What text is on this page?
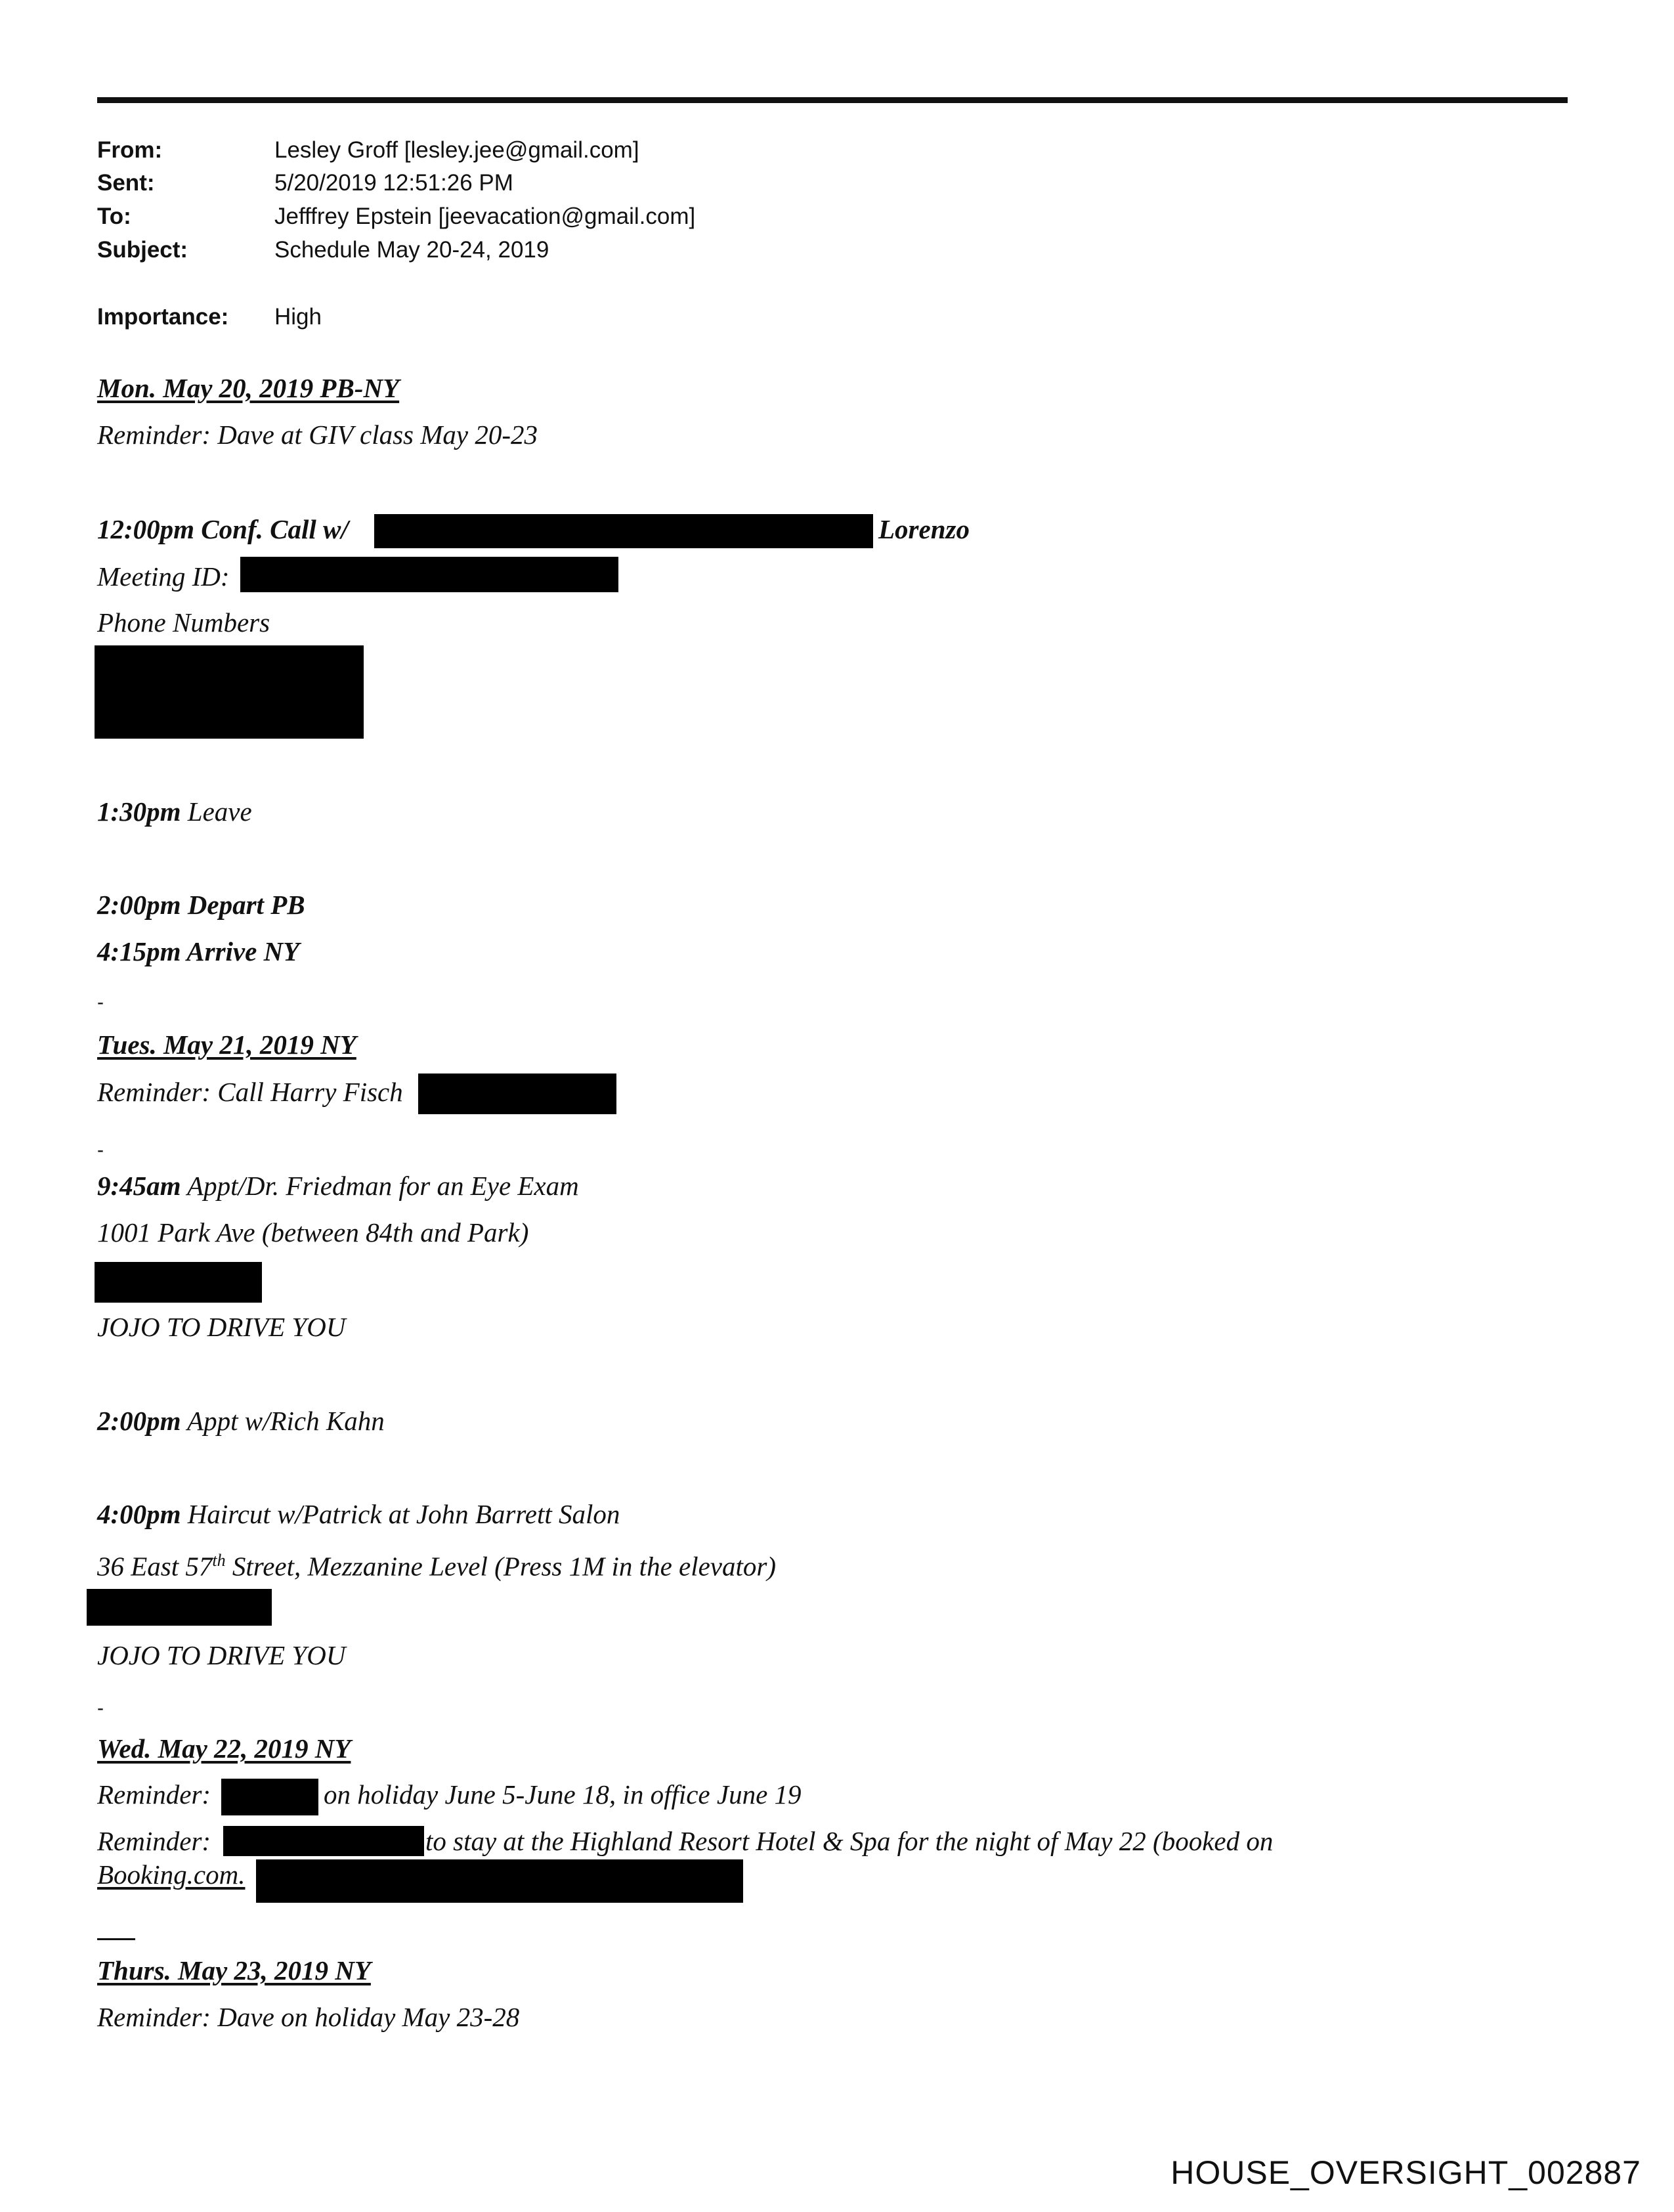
From:	Lesley Groff [lesley.jee@gmail.com]
Sent:	5/20/2019 12:51:26 PM
To:	Jefffrey Epstein [jeevacation@gmail.com]
Subject:	Schedule May 20-24, 2019
Importance: High
Mon. May 20, 2019 PB-NY
Reminder: Dave at GIV class May 20-23
12:00pm Conf. Call w/	Lorenzo
Meeting ID:
Phone Numbers
1:30pm Leave
2:00pm Depart PB
4:15pm Arrive NY
-
Tues. May 21, 2019 NY
Reminder: Call Harry Fisch
-
9:45am Appt/Dr. Friedman for an Eye Exam
1001 Park Ave (between 84th and Park)
JOJO TO DRIVE YOU
2:00pm Appt w/Rich Kahn
4:00pm Haircut w/Patrick at John Barrett Salon
36 East 57th Street, Mezzanine Level (Press 1M in the elevator)
JOJO TO DRIVE YOU
-
Wed. May 22, 2019 NY
Reminder:	on holiday June 5-June 18, in office June 19
Reminder:	to stay at the Highland Resort Hotel & Spa for the night of May 22 (booked on
Booking.com.
Thurs. May 23, 2019 NY
Reminder: Dave on holiday May 23-28
HOUSE_OVERSIGHT_002887
